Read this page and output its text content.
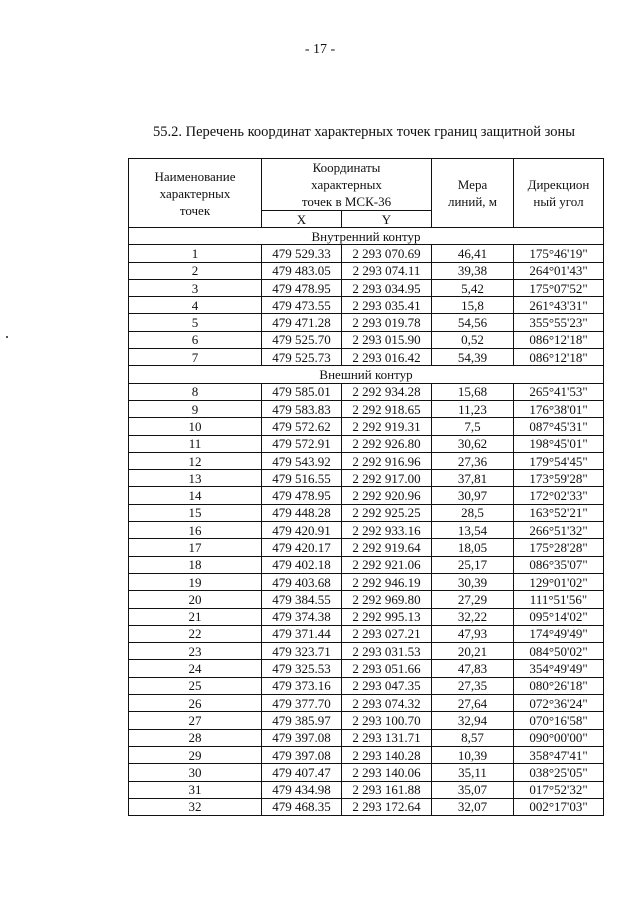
- 17 -
55.2. Перечень координат характерных точек границ защитной зоны
Наименование
характерных
точек	Координаты
характерных
точек в МСК-36		Мера
линий, м	Дирекцион
ный угол
	X	Y		
Внутренний контур				
1	479 529.33	2 293 070.69	46,41	175°46'19"
2	479 483.05	2 293 074.11	39,38	264°01'43"
3	479 478.95	2 293 034.95	5,42	175°07'52"
4	479 473.55	2 293 035.41	15,8	261°43'31"
5	479 471.28	2 293 019.78	54,56	355°55'23"
6	479 525.70	2 293 015.90	0,52	086°12'18"
7	479 525.73	2 293 016.42	54,39	086°12'18"
Внешний контур				
8	479 585.01	2 292 934.28	15,68	265°41'53"
9	479 583.83	2 292 918.65	11,23	176°38'01"
10	479 572.62	2 292 919.31	7,5	087°45'31"
11	479 572.91	2 292 926.80	30,62	198°45'01"
12	479 543.92	2 292 916.96	27,36	179°54'45"
13	479 516.55	2 292 917.00	37,81	173°59'28"
14	479 478.95	2 292 920.96	30,97	172°02'33"
15	479 448.28	2 292 925.25	28,5	163°52'21"
16	479 420.91	2 292 933.16	13,54	266°51'32"
17	479 420.17	2 292 919.64	18,05	175°28'28"
18	479 402.18	2 292 921.06	25,17	086°35'07"
19	479 403.68	2 292 946.19	30,39	129°01'02"
20	479 384.55	2 292 969.80	27,29	111°51'56"
21	479 374.38	2 292 995.13	32,22	095°14'02"
22	479 371.44	2 293 027.21	47,93	174°49'49"
23	479 323.71	2 293 031.53	20,21	084°50'02"
24	479 325.53	2 293 051.66	47,83	354°49'49"
25	479 373.16	2 293 047.35	27,35	080°26'18"
26	479 377.70	2 293 074.32	27,64	072°36'24"
27	479 385.97	2 293 100.70	32,94	070°16'58"
28	479 397.08	2 293 131.71	8,57	090°00'00"
29	479 397.08	2 293 140.28	10,39	358°47'41"
30	479 407.47	2 293 140.06	35,11	038°25'05"
31	479 434.98	2 293 161.88	35,07	017°52'32"
32	479 468.35	2 293 172.64	32,07	002°17'03"
